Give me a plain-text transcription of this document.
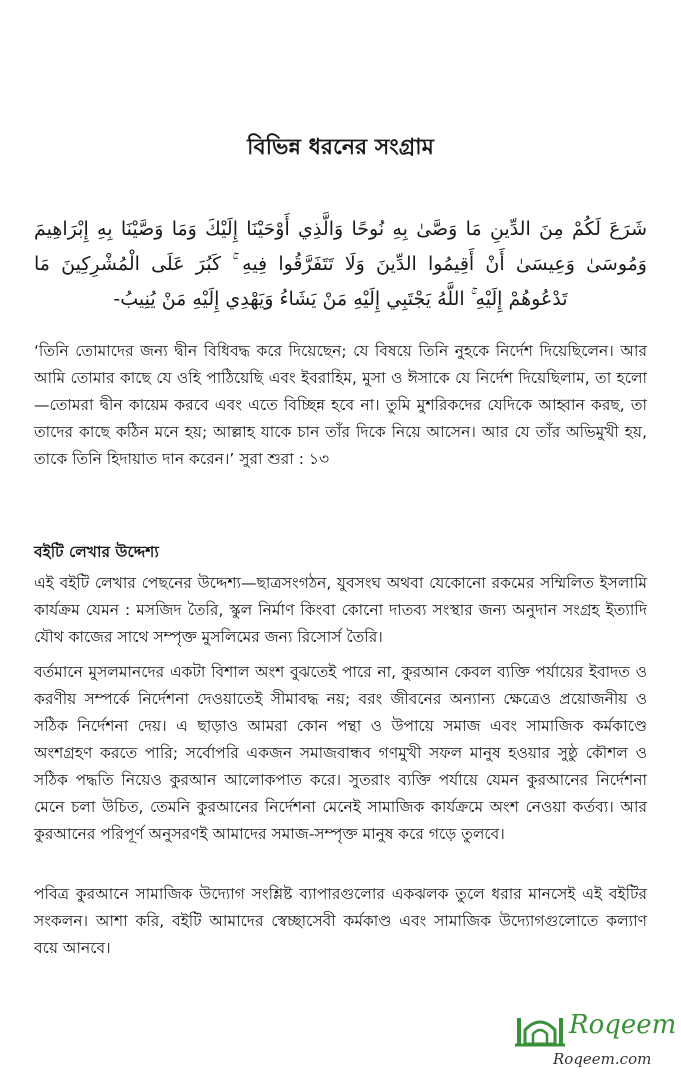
বিভিন্ন ধরনের সংগ্রাম
شَرَعَ لَكُمْ مِنَ الدِّينِ مَا وَصَّىٰ بِهِ نُوحًا وَالَّذِي أَوْحَيْنَا إِلَيْكَ وَمَا وَصَّيْنَا بِهِ إِبْرَاهِيمَ وَمُوسَىٰ وَعِيسَىٰ أَنْ أَقِيمُوا الدِّينَ وَلَا تَتَفَرَّقُوا فِيهِ ۚ كَبُرَ عَلَى الْمُشْرِكِينَ مَا تَدْعُوهُمْ إِلَيْهِ ۚ اللَّهُ يَجْتَبِي إِلَيْهِ مَنْ يَشَاءُ وَيَهْدِي إِلَيْهِ مَنْ يُنِيبُ-
‘তিনি তোমাদের জন্য দ্বীন বিধিবদ্ধ করে দিয়েছেন; যে বিষয়ে তিনি নুহকে নির্দেশ দিয়েছিলেন। আর আমি তোমার কাছে যে ওহি পাঠিয়েছি এবং ইবরাহিম, মুসা ও ঈসাকে যে নির্দেশ দিয়েছিলাম, তা হলো—তোমরা দ্বীন কায়েম করবে এবং এতে বিচ্ছিন্ন হবে না। তুমি মুশরিকদের যেদিকে আহ্বান করছ, তা তাদের কাছে কঠিন মনে হয়; আল্লাহ যাকে চান তাঁর দিকে নিয়ে আসেন। আর যে তাঁর অভিমুখী হয়, তাকে তিনি হিদায়াত দান করেন।’ সুরা শুরা : ১৩
বইটি লেখার উদ্দেশ্য
এই বইটি লেখার পেছনের উদ্দেশ্য—ছাত্রসংগঠন, যুবসংঘ অথবা যেকোনো রকমের সম্মিলিত ইসলামি কার্যক্রম যেমন : মসজিদ তৈরি, স্কুল নির্মাণ কিংবা কোনো দাতব্য সংস্থার জন্য অনুদান সংগ্রহ ইত্যাদি যৌথ কাজের সাথে সম্পৃক্ত মুসলিমের জন্য রিসোর্স তৈরি।
বর্তমানে মুসলমানদের একটা বিশাল অংশ বুঝতেই পারে না, কুরআন কেবল ব্যক্তি পর্যায়ের ইবাদত ও করণীয় সম্পর্কে নির্দেশনা দেওয়াতেই সীমাবদ্ধ নয়; বরং জীবনের অন্যান্য ক্ষেত্রেও প্রয়োজনীয় ও সঠিক নির্দেশনা দেয়। এ ছাড়াও আমরা কোন পন্থা ও উপায়ে সমাজ এবং সামাজিক কর্মকাণ্ডে অংশগ্রহণ করতে পারি; সর্বোপরি একজন সমাজবান্ধব গণমুখী সফল মানুষ হওয়ার সুষ্ঠু কৌশল ও সঠিক পদ্ধতি নিয়েও কুরআন আলোকপাত করে। সুতরাং ব্যক্তি পর্যায়ে যেমন কুরআনের নির্দেশনা মেনে চলা উচিত, তেমনি কুরআনের নির্দেশনা মেনেই সামাজিক কার্যক্রমে অংশ নেওয়া কর্তব্য। আর কুরআনের পরিপূর্ণ অনুসরণই আমাদের সমাজ-সম্পৃক্ত মানুষ করে গড়ে তুলবে।
পবিত্র কুরআনে সামাজিক উদ্যোগ সংশ্লিষ্ট ব্যাপারগুলোর একঝলক তুলে ধরার মানসেই এই বইটির সংকলন। আশা করি, বইটি আমাদের স্বেচ্ছাসেবী কর্মকাণ্ড এবং সামাজিক উদ্যোগগুলোতে কল্যাণ বয়ে আনবে।
Roqeem
Roqeem.com
